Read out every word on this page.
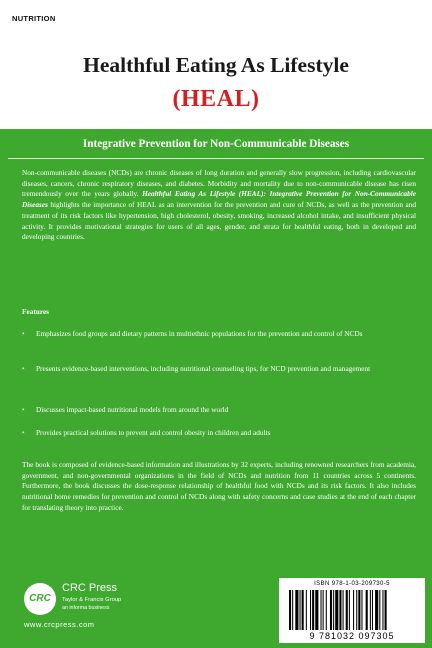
NUTRITION
Healthful Eating As Lifestyle
(HEAL)
Integrative Prevention for Non-Communicable Diseases
Non-communicable diseases (NCDs) are chronic diseases of long duration and generally slow progression, including cardiovascular diseases, cancers, chronic respiratory diseases, and diabetes. Morbidity and mortality due to non-communicable disease has risen tremendously over the years globally. Healthful Eating As Lifestyle (HEAL): Integrative Prevention for Non-Communicable Diseases highlights the importance of HEAL as an intervention for the prevention and cure of NCDs, as well as the prevention and treatment of its risk factors like hypertension, high cholesterol, obesity, smoking, increased alcohol intake, and insufficient physical activity. It provides motivational strategies for users of all ages, gender, and strata for healthful eating, both in developed and developing countries.
Features
• Emphasizes food groups and dietary patterns in multiethnic populations for the prevention and control of NCDs
• Presents evidence-based interventions, including nutritional counseling tips, for NCD prevention and management
• Discusses impact-based nutritional models from around the world
• Provides practical solutions to prevent and control obesity in children and adults
The book is composed of evidence-based information and illustrations by 32 experts, including renowned researchers from academia, government, and non-governmental organizations in the field of NCDs and nutrition from 11 countries across 5 continents. Furthermore, the book discusses the dose-response relationship of healthful food with NCDs and its risk factors. It also includes nutritional home remedies for prevention and control of NCDs along with safety concerns and case studies at the end of each chapter for translating theory into practice.
CRC
CRC Press
Taylor & Francis Group
an informa business
www.crcpress.com
ISBN 978-1-03-209730-5
9 781032 097305
